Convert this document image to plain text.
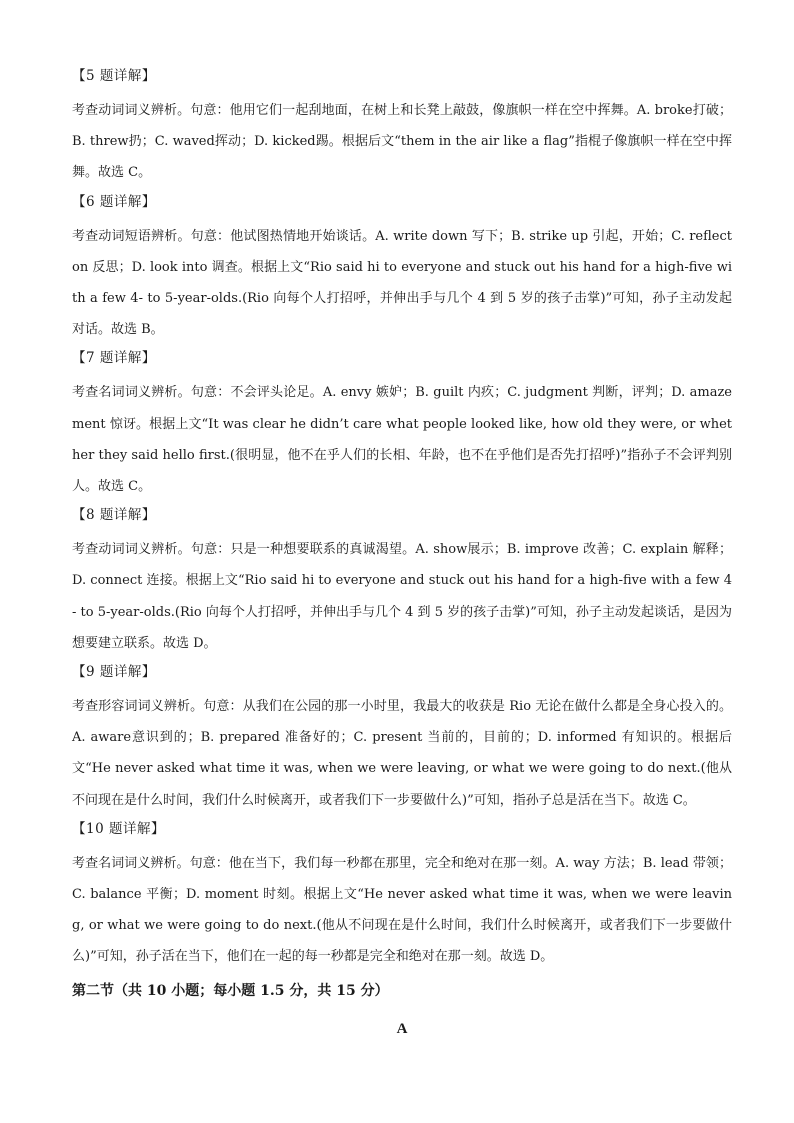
【5 题详解】

考查动词词义辨析。句意：他用它们一起刮地面，在树上和长凳上敲鼓，像旗帜一样在空中挥舞。A. broke打破；B. threw扔；C. waved挥动；D. kicked踢。根据后文“them in the air like a flag”指棍子像旗帜一样在空中挥舞。故选 C。

【6 题详解】

考查动词短语辨析。句意：他试图热情地开始谈话。A. write down 写下；B. strike up 引起，开始；C. reflect on 反思；D. look into 调查。根据上文“Rio said hi to everyone and stuck out his hand for a high-five with a few 4- to 5-year-olds.(Rio 向每个人打招呼，并伸出手与几个 4 到 5 岁的孩子击掌)”可知，孙子主动发起对话。故选 B。

【7 题详解】

考查名词词义辨析。句意：不会评头论足。A. envy 嫉妒；B. guilt 内疚；C. judgment 判断，评判；D. amazement 惊讶。根据上文“It was clear he didn’t care what people looked like, how old they were, or whether they said hello first.(很明显，他不在乎人们的长相、年龄，也不在乎他们是否先打招呼)”指孙子不会评判别人。故选 C。

【8 题详解】

考查动词词义辨析。句意：只是一种想要联系的真诚渴望。A. show展示；B. improve 改善；C. explain 解释；D. connect 连接。根据上文“Rio said hi to everyone and stuck out his hand for a high-five with a few 4- to 5-year-olds.(Rio 向每个人打招呼，并伸出手与几个 4 到 5 岁的孩子击掌)”可知，孙子主动发起谈话，是因为想要建立联系。故选 D。

【9 题详解】

考查形容词词义辨析。句意：从我们在公园的那一小时里，我最大的收获是 Rio 无论在做什么都是全身心投入的。A. aware意识到的；B. prepared 准备好的；C. present 当前的，目前的；D. informed 有知识的。根据后文“He never asked what time it was, when we were leaving, or what we were going to do next.(他从不问现在是什么时间，我们什么时候离开，或者我们下一步要做什么)”可知，指孙子总是活在当下。故选 C。

【10 题详解】

考查名词词义辨析。句意：他在当下，我们每一秒都在那里，完全和绝对在那一刻。A. way 方法；B. lead 带领；C. balance 平衡；D. moment 时刻。根据上文“He never asked what time it was, when we were leaving, or what we were going to do next.(他从不问现在是什么时间，我们什么时候离开，或者我们下一步要做什么)”可知，孙子活在当下，他们在一起的每一秒都是完全和绝对在那一刻。故选 D。

第二节（共 10 小题；每小题 1.5 分，共 15 分）
A
